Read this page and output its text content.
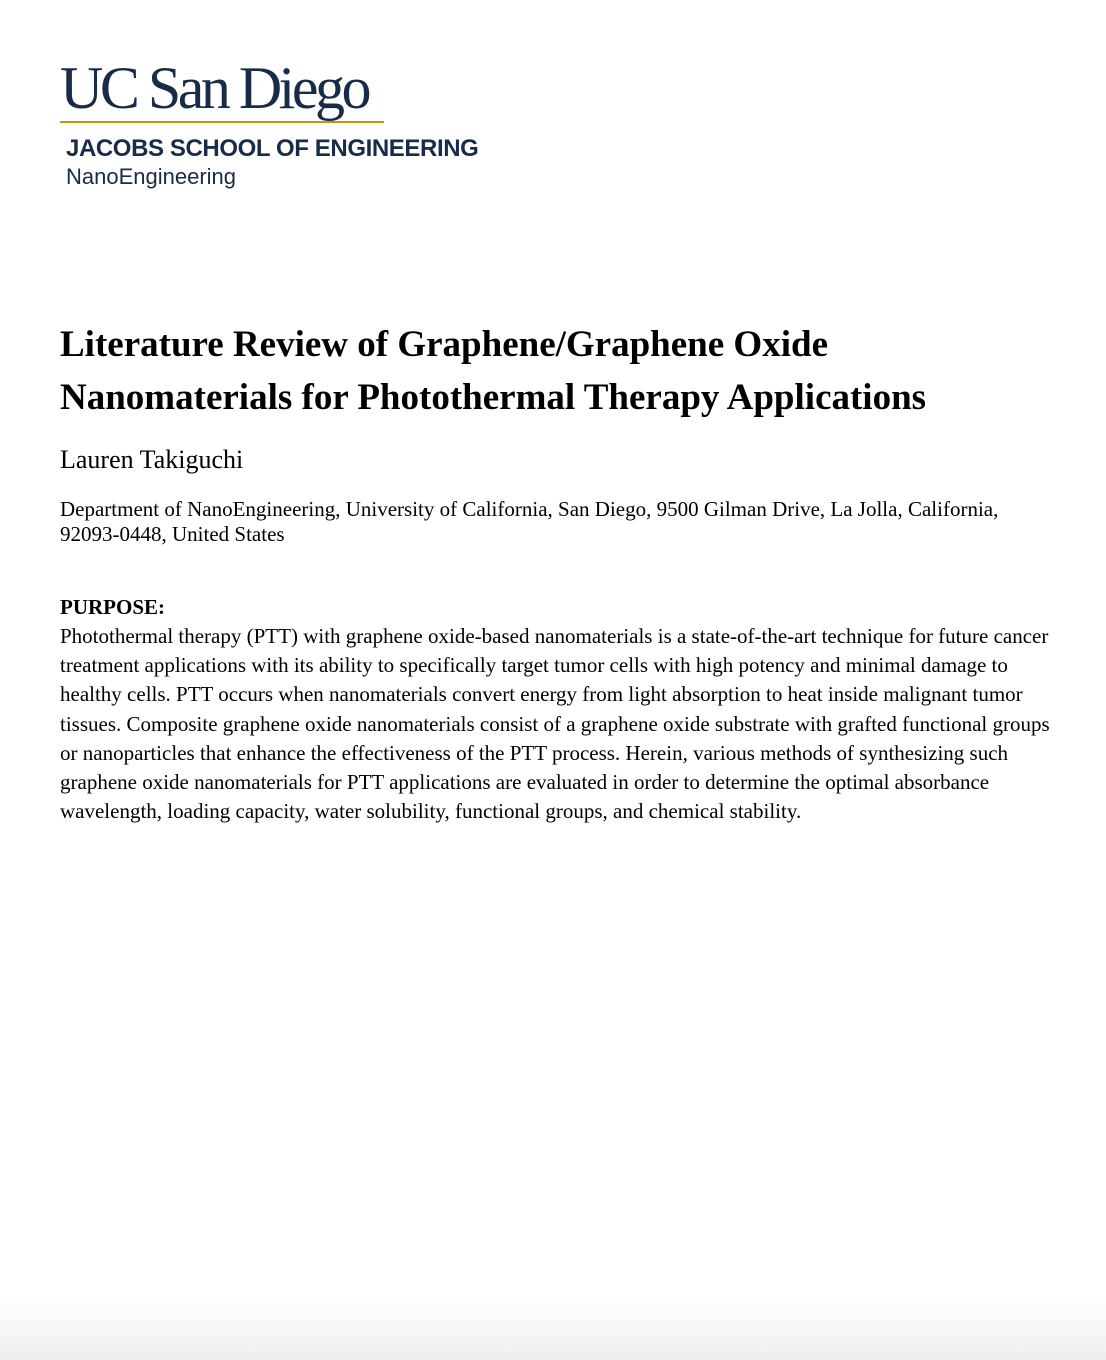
UC San Diego
JACOBS SCHOOL OF ENGINEERING
NanoEngineering
Literature Review of Graphene/Graphene Oxide Nanomaterials for Photothermal Therapy Applications
Lauren Takiguchi
Department of NanoEngineering, University of California, San Diego, 9500 Gilman Drive, La Jolla, California, 92093-0448, United States
PURPOSE:

Photothermal therapy (PTT) with graphene oxide-based nanomaterials is a state-of-the-art technique for future cancer treatment applications with its ability to specifically target tumor cells with high potency and minimal damage to healthy cells. PTT occurs when nanomaterials convert energy from light absorption to heat inside malignant tumor tissues. Composite graphene oxide nanomaterials consist of a graphene oxide substrate with grafted functional groups or nanoparticles that enhance the effectiveness of the PTT process. Herein, various methods of synthesizing such graphene oxide nanomaterials for PTT applications are evaluated in order to determine the optimal absorbance wavelength, loading capacity, water solubility, functional groups, and chemical stability.
